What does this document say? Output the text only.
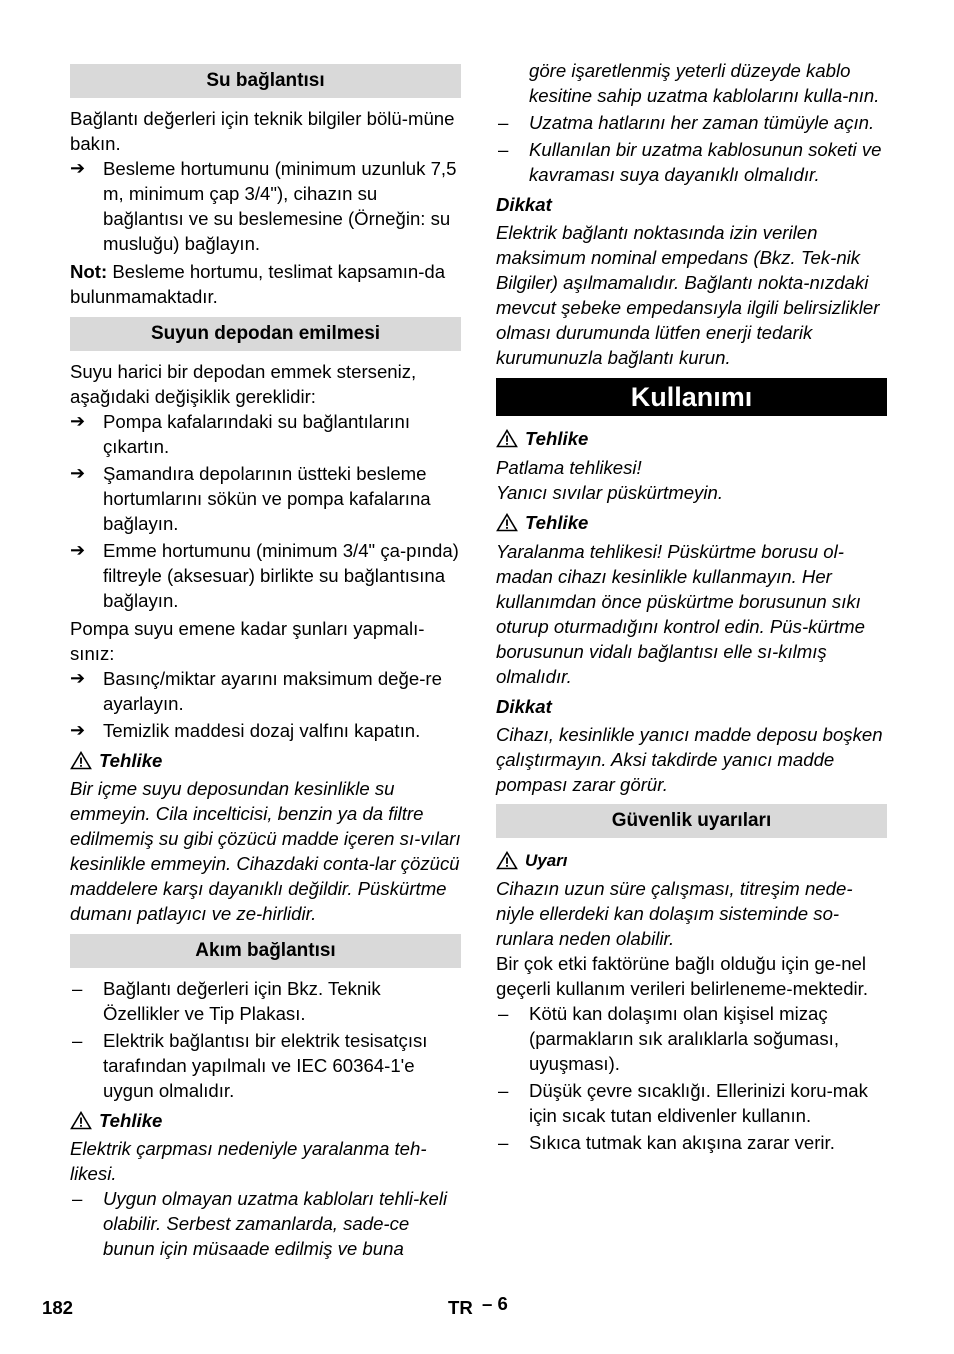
Su bağlantısı

Bağlantı değerleri için teknik bilgiler bölü-müne bakın.

➔ Besleme hortumunu (minimum uzunluk 7,5 m, minimum çap 3/4"), cihazın su bağlantısı ve su beslemesine (Örneğin: su musluğu) bağlayın.

Not: Besleme hortumu, teslimat kapsamın-da bulunmamaktadır.

Suyun depodan emilmesi

Suyu harici bir depodan emmek sterseniz, aşağıdaki değişiklik gereklidir:

➔ Pompa kafalarındaki su bağlantılarını çıkartın.
➔ Şamandıra depolarının üstteki besleme hortumlarını sökün ve pompa kafalarına bağlayın.
➔ Emme hortumunu (minimum 3/4" ça-pında) filtreyle (aksesuar) birlikte su bağlantısına bağlayın.

Pompa suyu emene kadar şunları yapmalı-sınız:

➔ Basınç/miktar ayarını maksimum değe-re ayarlayın.
➔ Temizlik maddesi dozaj valfını kapatın.
Tehlike

Bir içme suyu deposundan kesinlikle su emmeyin. Cila incelticisi, benzin ya da filtre edilmemiş su gibi çözücü madde içeren sı-vıları kesinlikle emmeyin. Cihazdaki conta-lar çözücü maddelere karşı dayanıklı değildir. Püskürtme dumanı patlayıcı ve ze-hirlidir.

Akım bağlantısı
–	Bağlantı değerleri için Bkz. Teknik Özellikler ve Tip Plakası.
–	Elektrik bağlantısı bir elektrik tesisatçısı tarafından yapılmalı ve IEC 60364-1'e uygun olmalıdır.
Tehlike

Elektrik çarpması nedeniyle yaralanma teh-likesi.

–	Uygun olmayan uzatma kabloları tehli-keli olabilir. Serbest zamanlarda, sade-ce bunun için müsaade edilmiş ve buna
göre işaretlenmiş yeterli düzeyde kablo kesitine sahip uzatma kablolarını kulla-nın.
–	Uzatma hatlarını her zaman tümüyle açın.
–	Kullanılan bir uzatma kablosunun soketi ve kavraması suya dayanıklı olmalıdır.
Dikkat

Elektrik bağlantı noktasında izin verilen maksimum nominal empedans (Bkz. Tek-nik Bilgiler) aşılmamalıdır. Bağlantı nokta-nızdaki mevcut şebeke empedansıyla ilgili belirsizlikler olması durumunda lütfen enerji tedarik kurumunuzla bağlantı kurun.

Kullanımı
Tehlike

Patlama tehlikesi!

Yanıcı sıvılar püskürtmeyin.

Tehlike

Yaralanma tehlikesi! Püskürtme borusu ol-madan cihazı kesinlikle kullanmayın. Her kullanımdan önce püskürtme borusunun sıkı oturup oturmadığını kontrol edin. Püs-kürtme borusunun vidalı bağlantısı elle sı-kılmış olmalıdır.

Dikkat

Cihazı, kesinlikle yanıcı madde deposu boşken çalıştırmayın. Aksi takdirde yanıcı madde pompası zarar görür.

Güvenlik uyarıları
Uyarı

Cihazın uzun süre çalışması, titreşim nede-niyle ellerdeki kan dolaşım sisteminde so-runlara neden olabilir.

Bir çok etki faktörüne bağlı olduğu için ge-nel geçerli kullanım verileri belirleneme-mektedir.

–	Kötü kan dolaşımı olan kişisel mizaç (parmakların sık aralıklarla soğuması, uyuşması).
–	Düşük çevre sıcaklığı. Ellerinizi koru-mak için sıcak tutan eldivenler kullanın.
–	Sıkıca tutmak kan akışına zarar verir.
182	TR – 6
